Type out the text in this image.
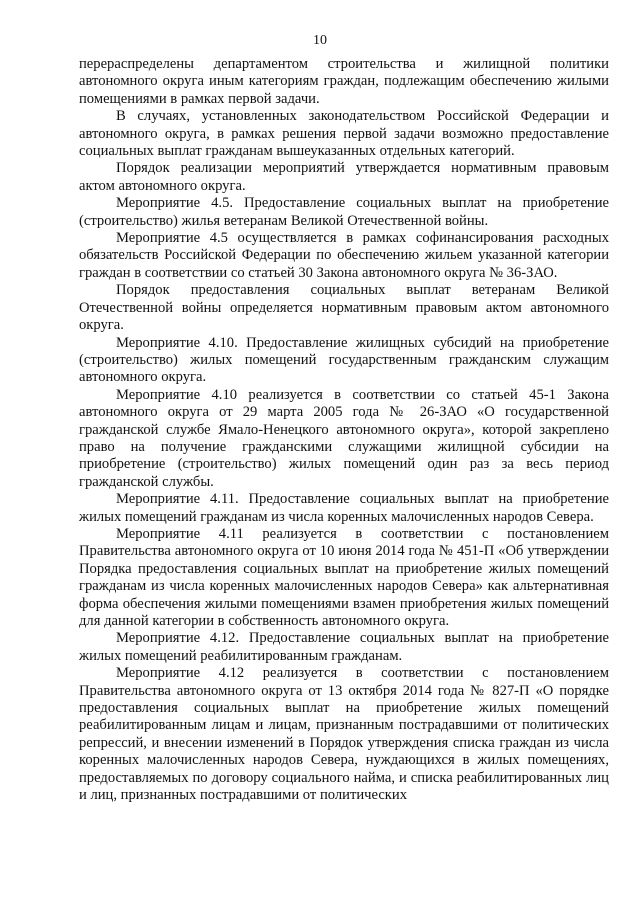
10

перераспределены департаментом строительства и жилищной политики автономного округа иным категориям граждан, подлежащим обеспечению жилыми помещениями в рамках первой задачи.

В случаях, установленных законодательством Российской Федерации и автономного округа, в рамках решения первой задачи возможно предоставление социальных выплат гражданам вышеуказанных отдельных категорий.

Порядок реализации мероприятий утверждается нормативным правовым актом автономного округа.

Мероприятие 4.5. Предоставление социальных выплат на приобретение (строительство) жилья ветеранам Великой Отечественной войны.

Мероприятие 4.5 осуществляется в рамках софинансирования расходных обязательств Российской Федерации по обеспечению жильем указанной категории граждан в соответствии со статьей 30 Закона автономного округа № 36-ЗАО.

Порядок предоставления социальных выплат ветеранам Великой Отечественной войны определяется нормативным правовым актом автономного округа.

Мероприятие 4.10. Предоставление жилищных субсидий на приобретение (строительство) жилых помещений государственным гражданским служащим автономного округа.

Мероприятие 4.10 реализуется в соответствии со статьей 45-1 Закона автономного округа от 29 марта 2005 года № 26-ЗАО «О государственной гражданской службе Ямало-Ненецкого автономного округа», которой закреплено право на получение гражданскими служащими жилищной субсидии на приобретение (строительство) жилых помещений один раз за весь период гражданской службы.

Мероприятие 4.11. Предоставление социальных выплат на приобретение жилых помещений гражданам из числа коренных малочисленных народов Севера.

Мероприятие 4.11 реализуется в соответствии с постановлением Правительства автономного округа от 10 июня 2014 года № 451-П «Об утверждении Порядка предоставления социальных выплат на приобретение жилых помещений гражданам из числа коренных малочисленных народов Севера» как альтернативная форма обеспечения жилыми помещениями взамен приобретения жилых помещений для данной категории в собственность автономного округа.

Мероприятие 4.12. Предоставление социальных выплат на приобретение жилых помещений реабилитированным гражданам.

Мероприятие 4.12 реализуется в соответствии с постановлением Правительства автономного округа от 13 октября 2014 года № 827-П «О порядке предоставления социальных выплат на приобретение жилых помещений реабилитированным лицам и лицам, признанным пострадавшими от политических репрессий, и внесении изменений в Порядок утверждения списка граждан из числа коренных малочисленных народов Севера, нуждающихся в жилых помещениях, предоставляемых по договору социального найма, и списка реабилитированных лиц и лиц, признанных пострадавшими от политических
